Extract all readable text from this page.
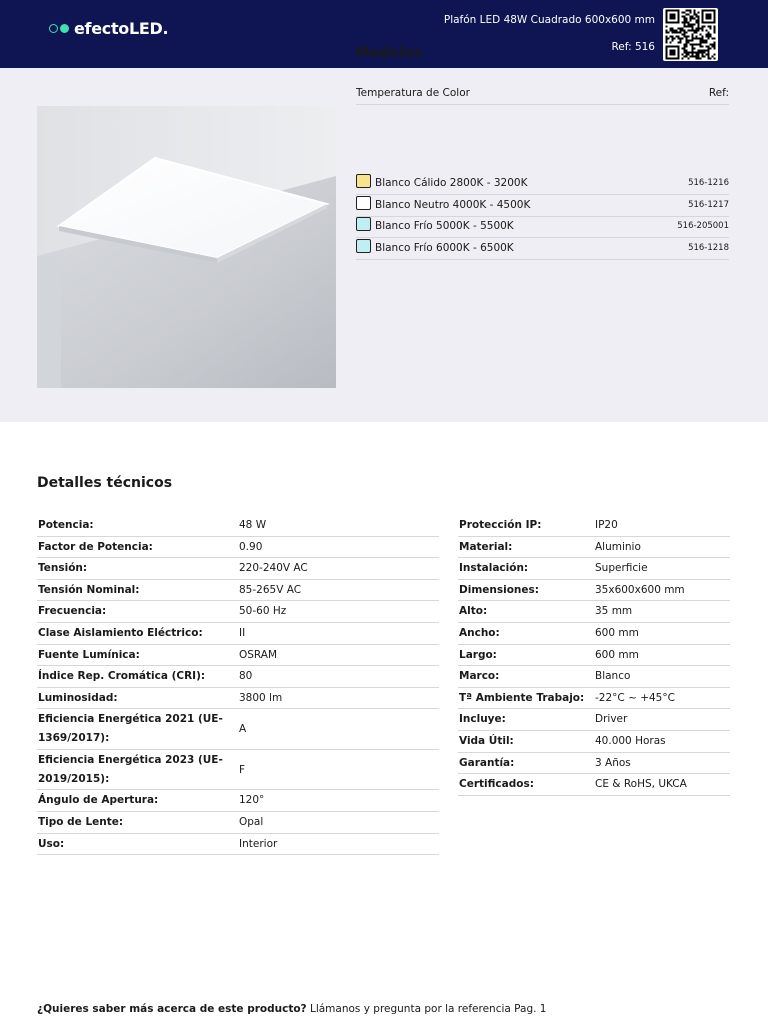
efectoLED.	Plafón LED 48W Cuadrado 600x600 mm
Ref: 516
Modelos
Temperatura de Color	Ref:
Blanco Cálido 2800K - 3200K	516-1216
Blanco Neutro 4000K - 4500K	516-1217
Blanco Frío 5000K - 5500K	516-205001
Blanco Frío 6000K - 6500K	516-1218
Detalles técnicos
Potencia:	48 W
Factor de Potencia:	0.90
Tensión:	220-240V AC
Tensión Nominal:	85-265V AC
Frecuencia:	50-60 Hz
Clase Aislamiento Eléctrico:	II
Fuente Lumínica:	OSRAM
Índice Rep. Cromática (CRI):	80
Luminosidad:	3800 lm
Eficiencia Energética 2021 (UE-1369/2017):
A
Eficiencia Energética 2023 (UE-2019/2015):
F
Ángulo de Apertura:	120°
Tipo de Lente:	Opal
Uso:	Interior
Protección IP:	IP20
Material:	Aluminio
Instalación:	Superficie
Dimensiones:	35x600x600 mm
Alto:	35 mm
Ancho:	600 mm
Largo:	600 mm
Marco:	Blanco
Tª Ambiente Trabajo: -22°C ~ +45°C
Incluye:	Driver
Vida Útil:	40.000 Horas
Garantía:	3 Años
Certificados:	CE & RoHS, UKCA
¿Quieres saber más acerca de este producto? Llámanos y pregunta por la referencia Pag. 1
